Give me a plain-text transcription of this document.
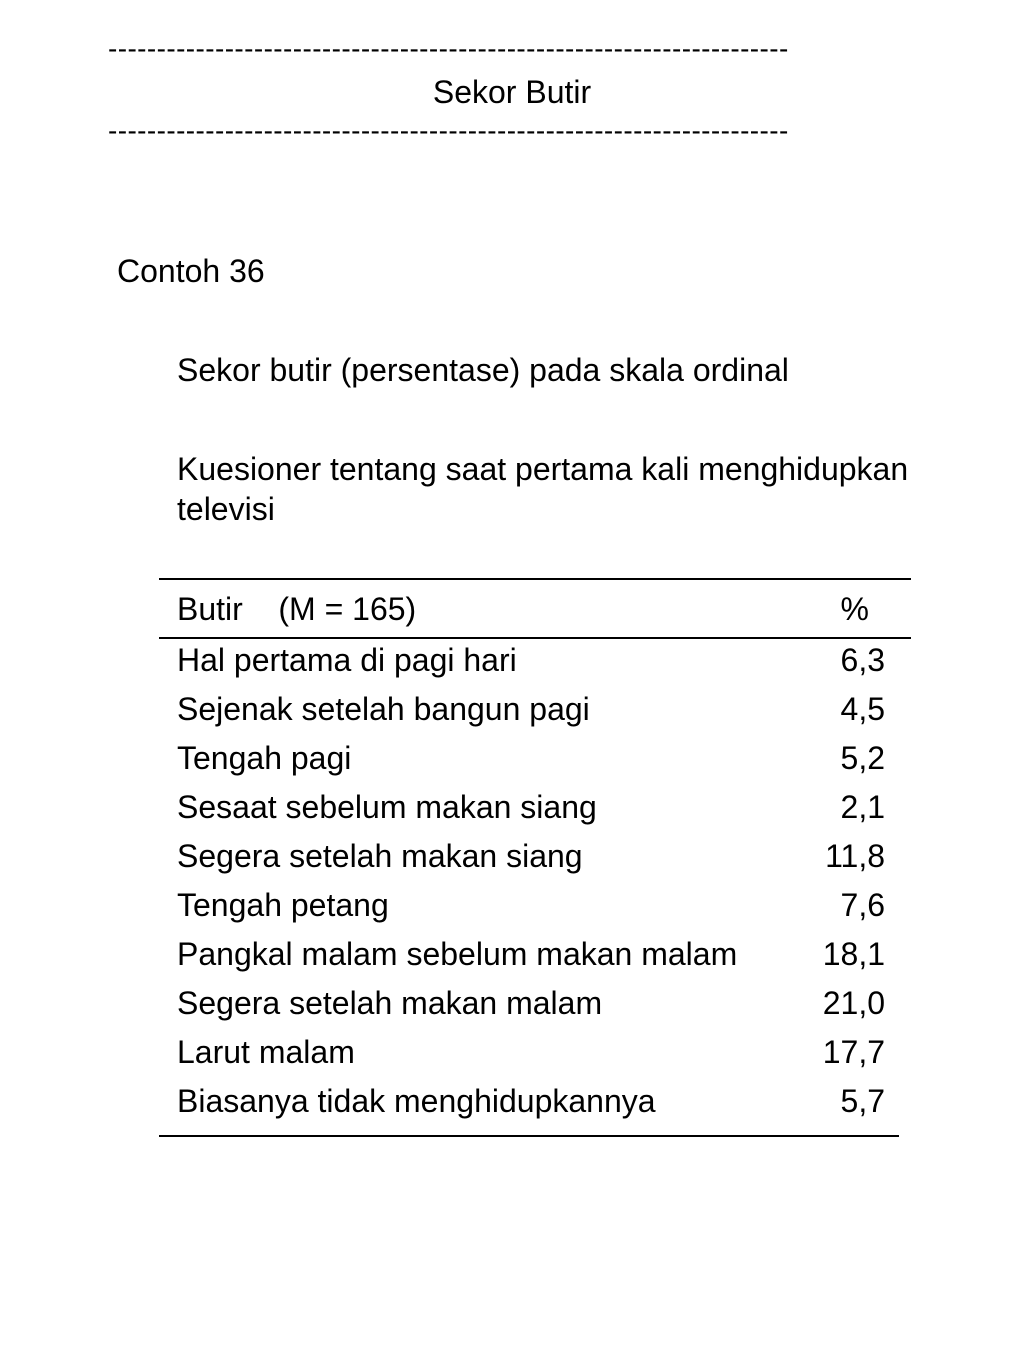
----------------------------------------------------------------------
Sekor Butir
----------------------------------------------------------------------
Contoh 36
Sekor butir (persentase) pada skala ordinal
Kuesioner tentang saat pertama kali menghidupkan televisi
Butir    (M = 165)	%
Hal pertama di pagi hari	6,3
Sejenak setelah bangun pagi	4,5
Tengah pagi	5,2
Sesaat sebelum makan siang	2,1
Segera setelah makan siang	11,8
Tengah petang	7,6
Pangkal malam sebelum makan malam	18,1
Segera setelah makan malam	21,0
Larut malam	17,7
Biasanya tidak menghidupkannya	5,7
